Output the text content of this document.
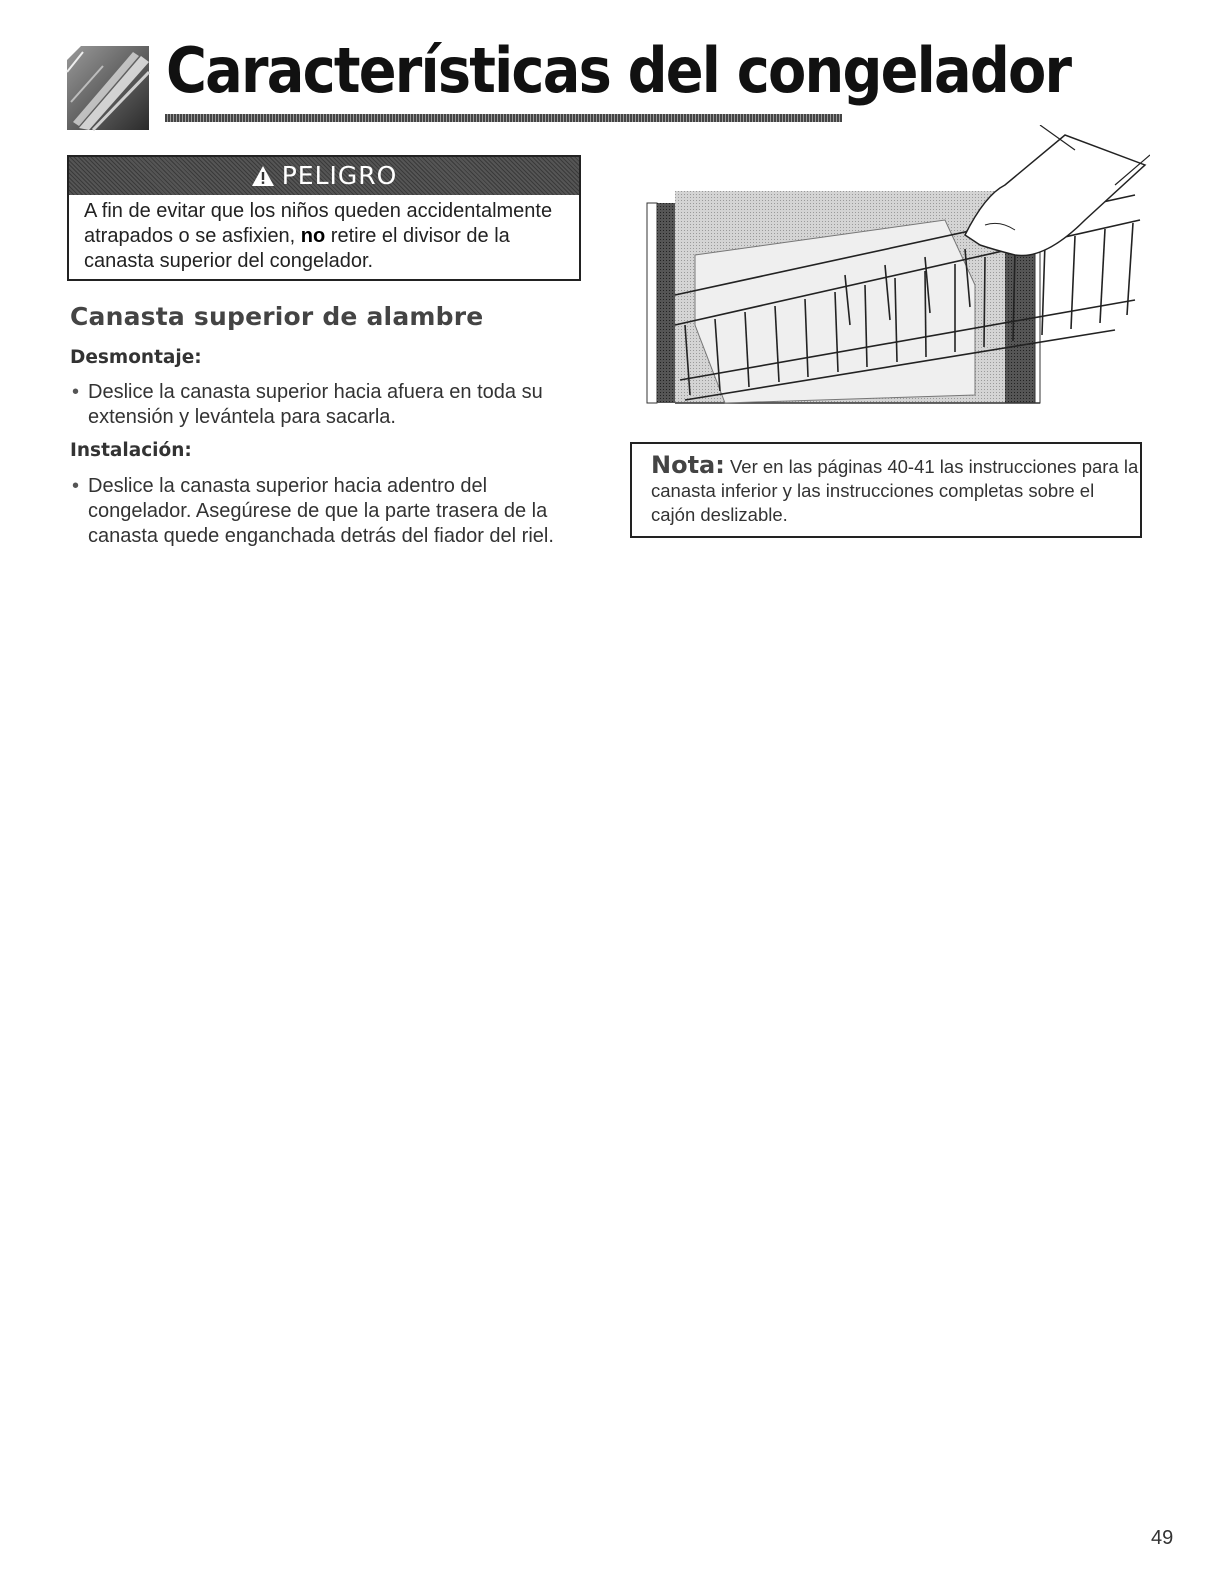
Características del congelador
PELIGRO

A fin de evitar que los niños queden accidentalmente atrapados o se asfixien, no retire el divisor de la canasta superior del congelador.

Canasta superior de alambre
Desmontaje:
• Deslice la canasta superior hacia afuera en toda su extensión y levántela para sacarla.
Instalación:
• Deslice la canasta superior hacia adentro del congelador. Asegúrese de que la parte trasera de la canasta quede enganchada detrás del fiador del riel.
Nota: Ver en las páginas 40-41 las instrucciones para la canasta inferior y las instrucciones completas sobre el cajón deslizable.
49
